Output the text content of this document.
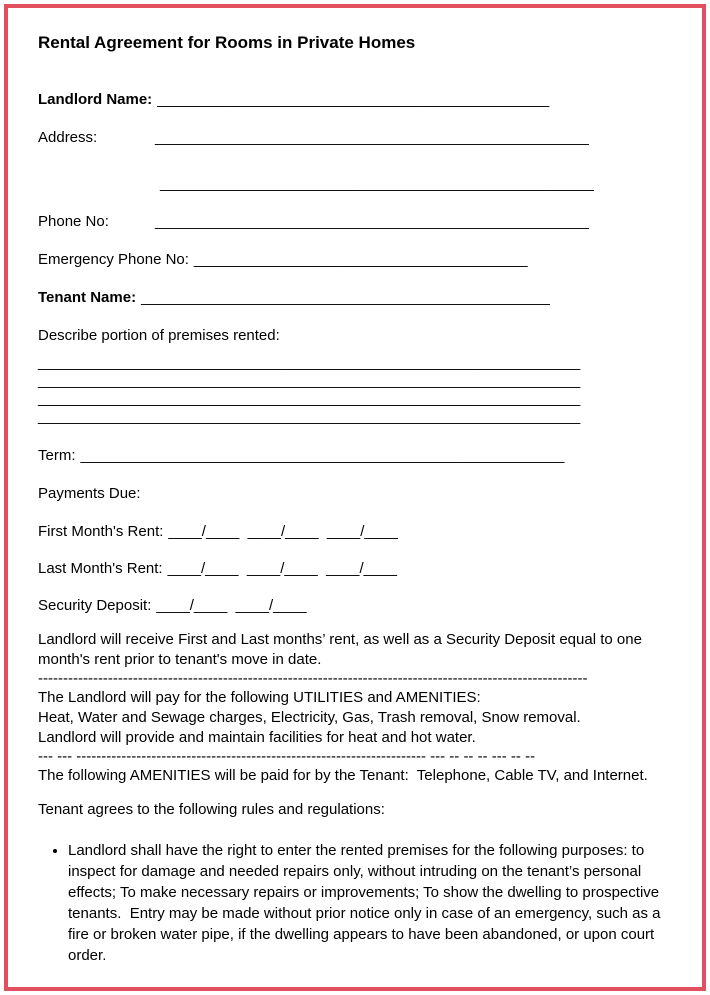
Rental Agreement for Rooms in Private Homes

Landlord Name: _______________________________________________

Address:	____________________________________________________

____________________________________________________

Phone No:	____________________________________________________

Emergency Phone No: ________________________________________

Tenant Name: _________________________________________________

Describe portion of premises rented:

_________________________________________________________________

_________________________________________________________________

_________________________________________________________________

_________________________________________________________________

Term: __________________________________________________________

Payments Due:

First Month's Rent: ____/____  ____/____  ____/____

Last Month's Rent: ____/____  ____/____  ____/____

Security Deposit: ____/____  ____/____

Landlord will receive First and Last months’ rent, as well as a Security Deposit equal to one month's rent prior to tenant's move in date.

--------------------------------------------------------------------------------------------------------------

The Landlord will pay for the following UTILITIES and AMENITIES:

Heat, Water and Sewage charges, Electricity, Gas, Trash removal, Snow removal.

Landlord will provide and maintain facilities for heat and hot water.

--- --- ---------------------------------------------------------------------- --- -- -- -- --- -- --

The following AMENITIES will be paid for by the Tenant:  Telephone, Cable TV, and Internet.

Tenant agrees to the following rules and regulations:

• Landlord shall have the right to enter the rented premises for the following purposes: to inspect for damage and needed repairs only, without intruding on the tenant’s personal effects; To make necessary repairs or improvements; To show the dwelling to prospective tenants.  Entry may be made without prior notice only in case of an emergency, such as a fire or broken water pipe, if the dwelling appears to have been abandoned, or upon court order.
